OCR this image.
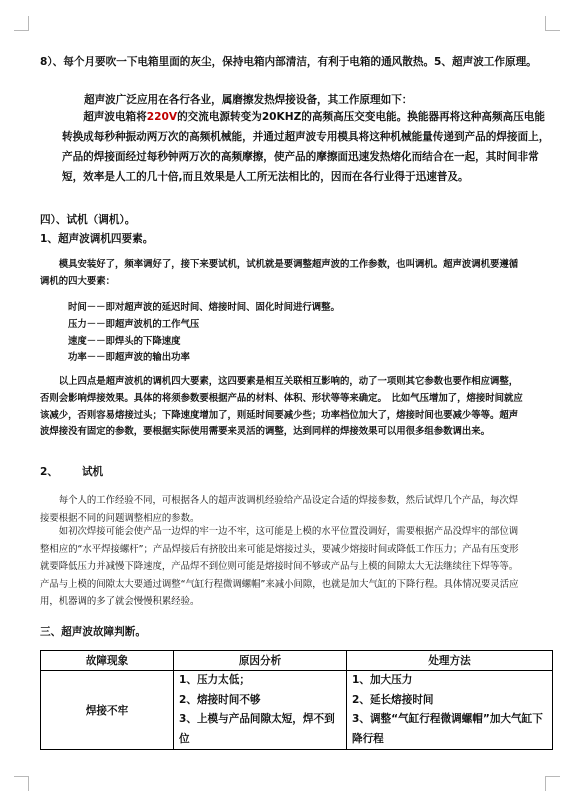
8）、每个月要吹一下电箱里面的灰尘，保持电箱内部清洁，有利于电箱的通风散热。5、超声波工作原理。

超声波广泛应用在各行各业，属磨擦发热焊接设备，其工作原理如下：

超声波电箱将220V的交流电源转变为20KHZ的高频高压交变电能。换能器再将这种高频高压电能转换成每秒种振动两万次的高频机械能，并通过超声波专用模具将这种机械能量传递到产品的焊接面上，产品的焊接面经过每秒钟两万次的高频摩擦，使产品的摩擦面迅速发热熔化而结合在一起，其时间非常短，效率是人工的几十倍,而且效果是人工所无法相比的，因而在各行业得于迅速普及。

四）、试机（调机）。

1、超声波调机四要素。

模具安装好了，频率调好了，接下来要试机，试机就是要调整超声波的工作参数，也叫调机。超声波调机要遵循调机的四大要素：

时间－－即对超声波的延迟时间、熔接时间、固化时间进行调整。
压力－－即超声波机的工作气压
速度－－即焊头的下降速度
功率－－即超声波的输出功率

以上四点是超声波机的调机四大要素，这四要素是相互关联相互影响的，动了一项则其它参数也要作相应调整，否则会影响焊接效果。具体的将须参数要根据产品的材料、体积、形状等等来确定。　比如气压增加了，熔接时间就应该减少，否则容易熔接过头；下降速度增加了，则延时间要减少些；功率档位加大了，熔接时间也要减少等等。超声波焊接没有固定的参数，要根据实际使用需要来灵活的调整，达到同样的焊接效果可以用很多组参数调出来。

2、 试机

每个人的工作经验不同，可根据各人的超声波调机经验给产品设定合适的焊接参数，然后试焊几个产品，每次焊接要根据不同的问题调整相应的参数。

如初次焊接可能会使产品一边焊的牢一边不牢，这可能是上模的水平位置没调好，需要根据产品没焊牢的部位调整相应的“水平焊接螺杆”；产品焊接后有挤胶出来可能是熔接过头，要减少熔接时间或降低工作压力；产品有压变形就要降低压力并减慢下降速度，产品焊不到位则可能是熔接时间不够或产品与上模的间隙太大无法继续往下焊等等。产品与上模的间隙太大要通过调整“气缸行程微调螺帽”来减小间隙，也就是加大气缸的下降行程。具体情况要灵活应用，机器调的多了就会慢慢积累经验。

三、超声波故障判断。

故障现象	原因分析	处理方法
焊接不牢	1、压力太低；
2、熔接时间不够
3、上模与产品间隙太短，焊不到位	1、加大压力
2、延长熔接时间
3、调整“气缸行程微调螺帽”加大气缸下降行程
